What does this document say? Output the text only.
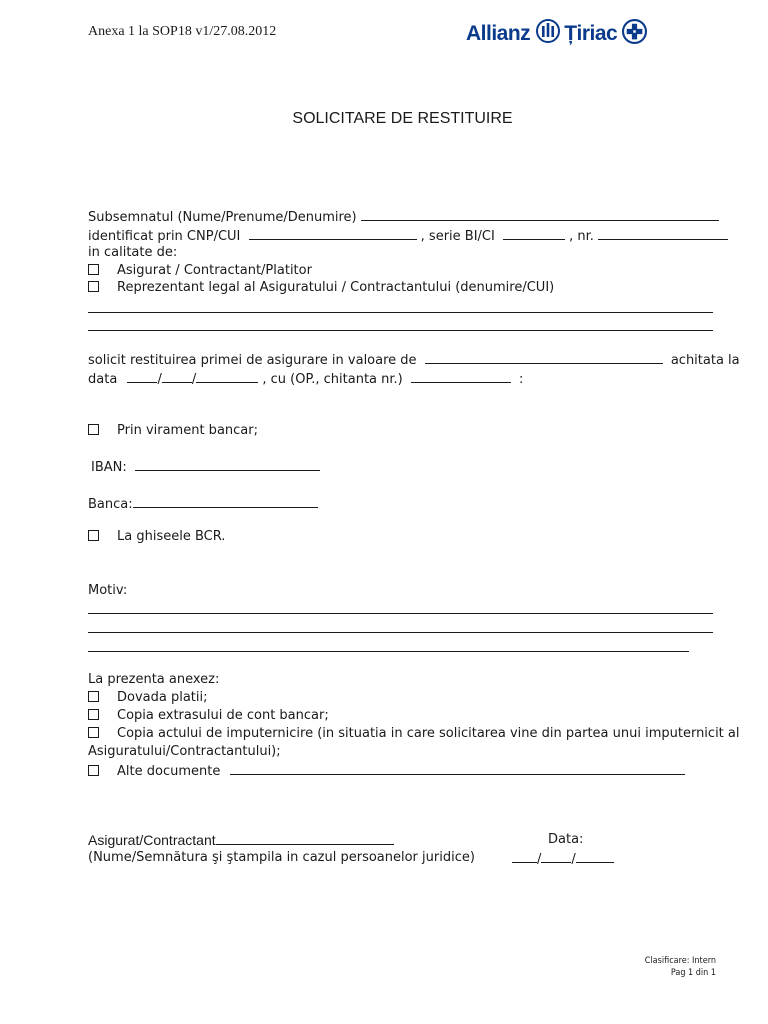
Anexa 1 la SOP18 v1/27.08.2012	Allianz Țiriac
SOLICITARE DE RESTITUIRE
Subsemnatul (Nume/Prenume/Denumire)
identificat prin CNP/CUI	, serie BI/CI	, nr.
in calitate de:
Asigurat / Contractant/Platitor
Reprezentant legal al Asiguratului / Contractantului (denumire/CUI)
solicit restituirea primei de asigurare in valoare de	achitata la
data	/ /	, cu (OP., chitanta nr.)	:
Prin virament bancar;
IBAN:
Banca:
La ghiseele BCR.
Motiv:
La prezenta anexez:
Dovada platii;
Copia extrasului de cont bancar;
Copia actului de imputernicire (in situatia in care solicitarea vine din partea unui imputernicit al
Asiguratului/Contractantului);
Alte documente
Asigurat/Contractant
(Nume/Semnătura şi ştampila in cazul persoanelor juridice)
Data:
/ /
Clasificare: Intern
Pag 1 din 1
